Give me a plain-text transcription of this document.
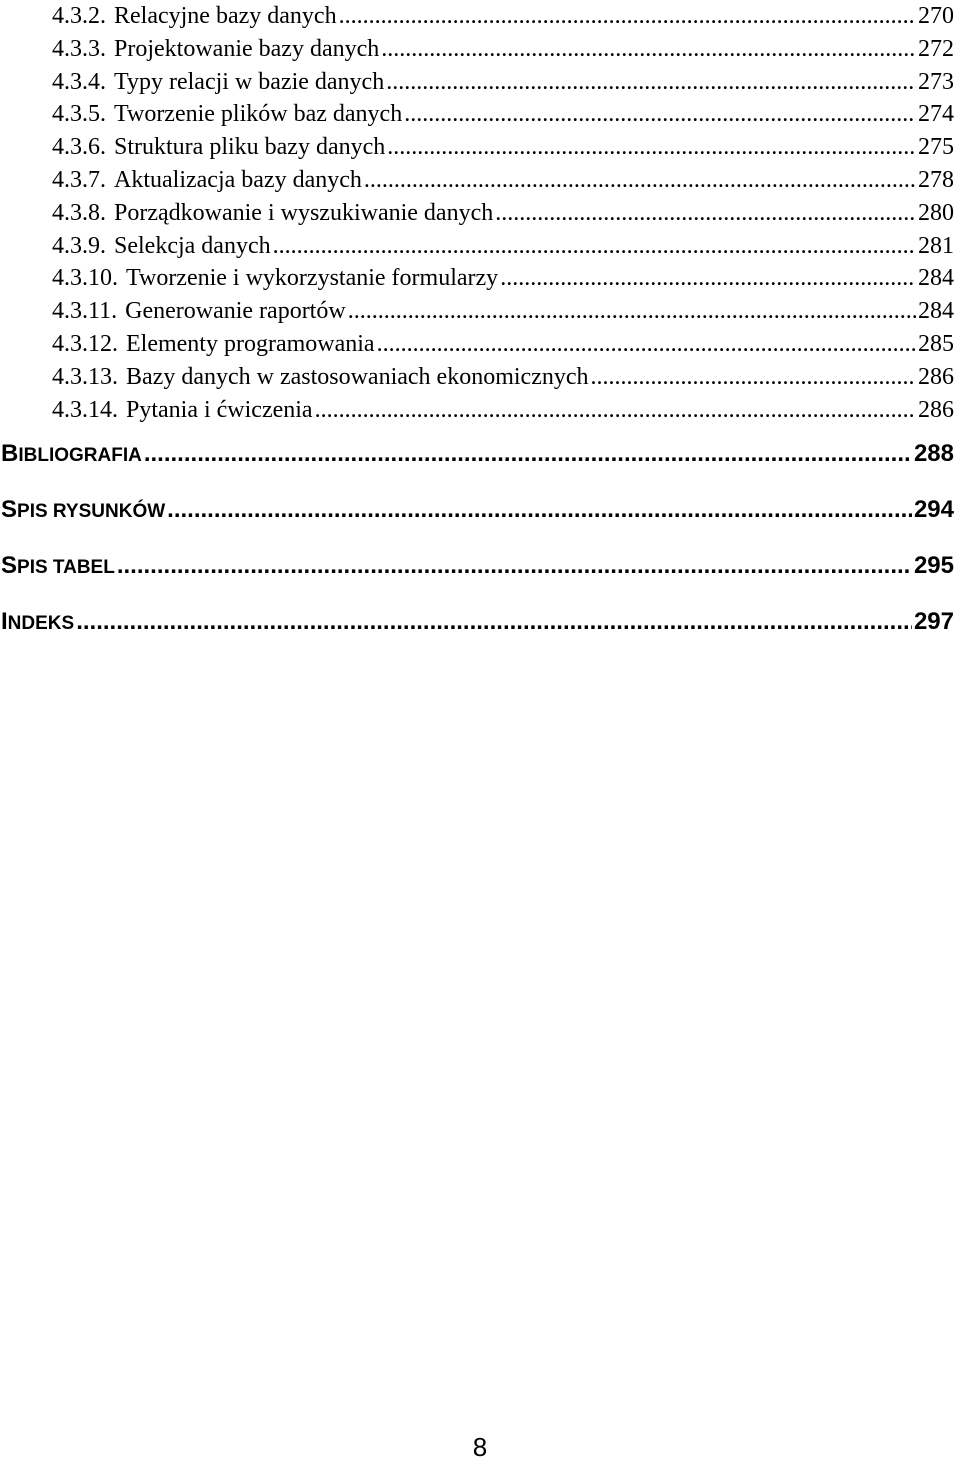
4.3.2. Relacyjne bazy danych .....	270
4.3.3. Projektowanie bazy danych .....	272
4.3.4. Typy relacji w bazie danych .....	273
4.3.5. Tworzenie plików baz danych .....	274
4.3.6. Struktura pliku bazy danych .....	275
4.3.7. Aktualizacja bazy danych .....	278
4.3.8. Porządkowanie i wyszukiwanie danych .....	280
4.3.9. Selekcja danych .....	281
4.3.10. Tworzenie i wykorzystanie formularzy .....	284
4.3.11. Generowanie raportów .....	284
4.3.12. Elementy programowania .....	285
4.3.13. Bazy danych w zastosowaniach ekonomicznych .....	286
4.3.14. Pytania i ćwiczenia .....	286
BIBLIOGRAFIA .....	288
SPIS RYSUNKÓW .....	294
SPIS TABEL .....	295
INDEKS .....	297
8
